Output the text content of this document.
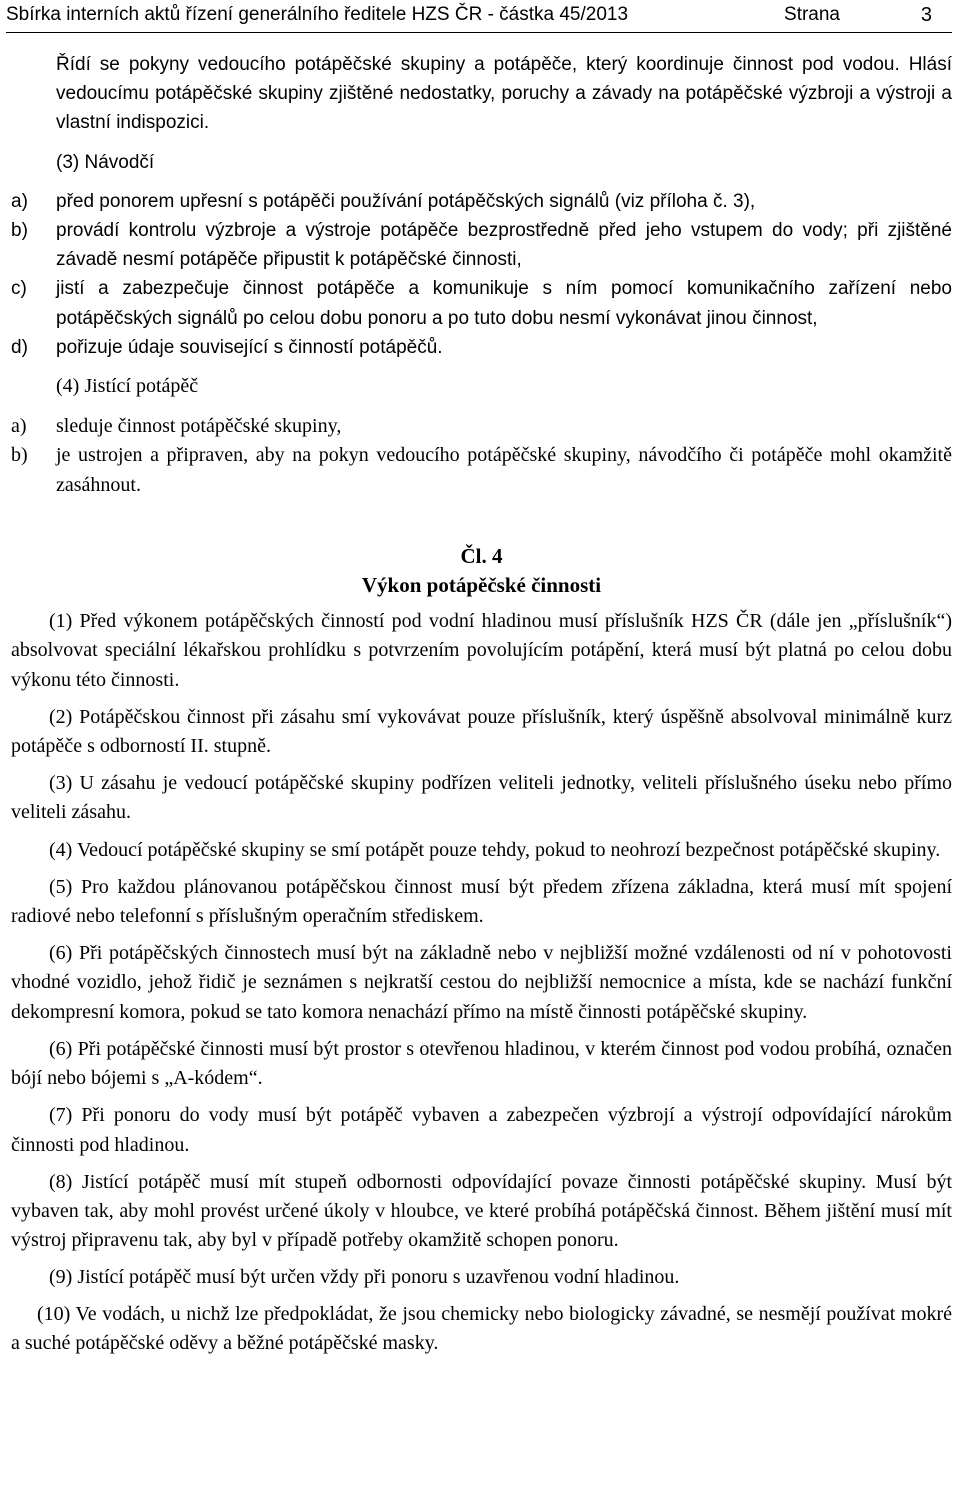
Sbírka interních aktů řízení generálního ředitele HZS ČR - částka 45/2013	Strana	3

Řídí se pokyny vedoucího potápěčské skupiny a potápěče, který koordinuje činnost pod vodou. Hlásí vedoucímu potápěčské skupiny zjištěné nedostatky, poruchy a závady na potápěčské výzbroji a výstroji a vlastní indispozici.

(3) Návodčí

a)	před ponorem upřesní s potápěči používání potápěčských signálů (viz příloha č. 3),
b)	provádí kontrolu výzbroje a výstroje potápěče bezprostředně před jeho vstupem do vody; při zjištěné závadě nesmí potápěče připustit k potápěčské činnosti,
c)	jistí a zabezpečuje činnost potápěče a komunikuje s ním pomocí komunikačního zařízení nebo potápěčských signálů po celou dobu ponoru a po tuto dobu nesmí vykonávat jinou činnost,
d)	pořizuje údaje související s činností potápěčů.

(4) Jistící potápěč

a)	sleduje činnost potápěčské skupiny,
b)	je ustrojen a připraven, aby na pokyn vedoucího potápěčské skupiny, návodčího či potápěče mohl okamžitě zasáhnout.

Čl. 4

Výkon potápěčské činnosti

(1) Před výkonem potápěčských činností pod vodní hladinou musí příslušník HZS ČR (dále jen „příslušník“) absolvovat speciální lékařskou prohlídku s potvrzením povolujícím potápění, která musí být platná po celou dobu výkonu této činnosti.

(2) Potápěčskou činnost při zásahu smí vykovávat pouze příslušník, který úspěšně absolvoval minimálně kurz potápěče s odborností II. stupně.

(3) U zásahu je vedoucí potápěčské skupiny podřízen veliteli jednotky, veliteli příslušného úseku nebo přímo veliteli zásahu.

(4) Vedoucí potápěčské skupiny se smí potápět pouze tehdy, pokud to neohrozí bezpečnost potápěčské skupiny.

(5) Pro každou plánovanou potápěčskou činnost musí být předem zřízena základna, která musí mít spojení radiové nebo telefonní s příslušným operačním střediskem.

(6) Při potápěčských činnostech musí být na základně nebo v nejbližší možné vzdálenosti od ní v pohotovosti vhodné vozidlo, jehož řidič je seznámen s nejkratší cestou do nejbližší nemocnice a místa, kde se nachází funkční dekompresní komora, pokud se tato komora nenachází přímo na místě činnosti potápěčské skupiny.

(6) Při potápěčské činnosti musí být prostor s otevřenou hladinou, v kterém činnost pod vodou probíhá, označen bójí nebo bójemi s „A-kódem“.

(7) Při ponoru do vody musí být potápěč vybaven a zabezpečen výzbrojí a výstrojí odpovídající nárokům činnosti pod hladinou.

(8) Jistící potápěč musí mít stupeň odbornosti odpovídající povaze činnosti potápěčské skupiny. Musí být vybaven tak, aby mohl provést určené úkoly v hloubce, ve které probíhá potápěčská činnost. Během jištění musí mít výstroj připravenu tak, aby byl v případě potřeby okamžitě schopen ponoru.

(9) Jistící potápěč musí být určen vždy při ponoru s uzavřenou vodní hladinou.

(10) Ve vodách, u nichž lze předpokládat, že jsou chemicky nebo biologicky závadné, se nesmějí používat mokré a suché potápěčské oděvy a běžné potápěčské masky.
